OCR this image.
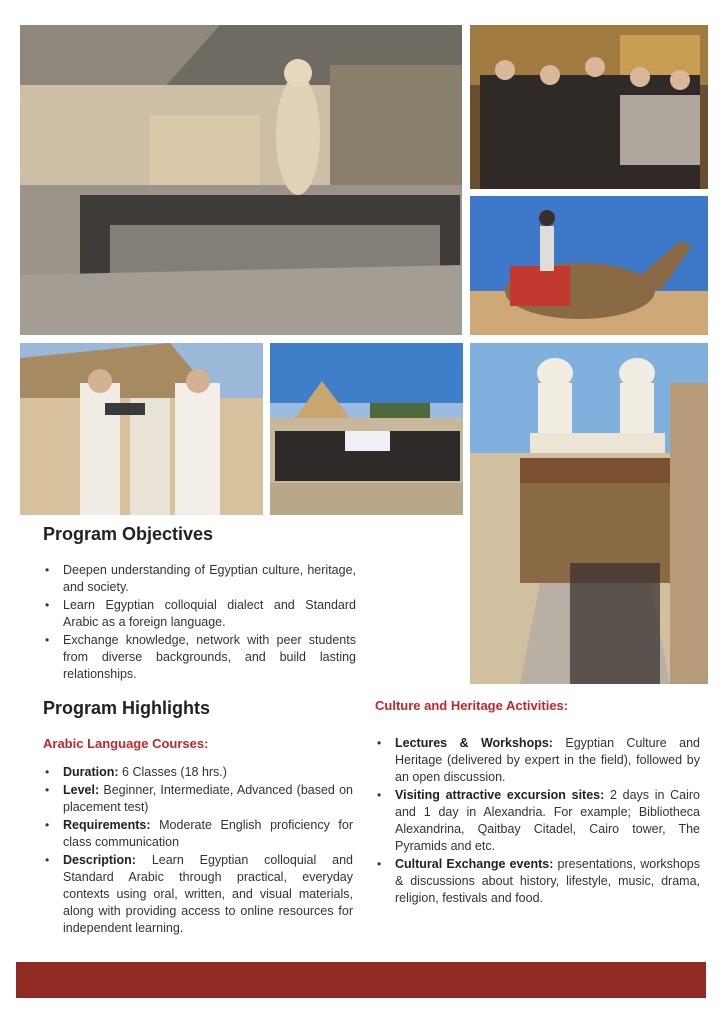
Program Objectives
• Deepen understanding of Egyptian culture, heritage, and society.
• Learn Egyptian colloquial dialect and Standard Arabic as a foreign language.
• Exchange knowledge, network with peer students from diverse backgrounds, and build lasting relationships.
Program Highlights
Arabic Language Courses:
• Duration: 6 Classes (18 hrs.)
• Level: Beginner, Intermediate, Advanced (based on placement test)
• Requirements: Moderate English proficiency for class communication
• Description: Learn Egyptian colloquial and Standard Arabic through practical, everyday contexts using oral, written, and visual materials, along with providing access to online resources for independent learning.
Culture and Heritage Activities:
• Lectures & Workshops: Egyptian Culture and Heritage (delivered by expert in the field), followed by an open discussion.
• Visiting attractive excursion sites: 2 days in Cairo and 1 day in Alexandria. For example; Bibliotheca Alexandrina, Qaitbay Citadel, Cairo tower, The Pyramids and etc.
• Cultural Exchange events: presentations, workshops & discussions about history, lifestyle, music, drama, religion, festivals and food.
